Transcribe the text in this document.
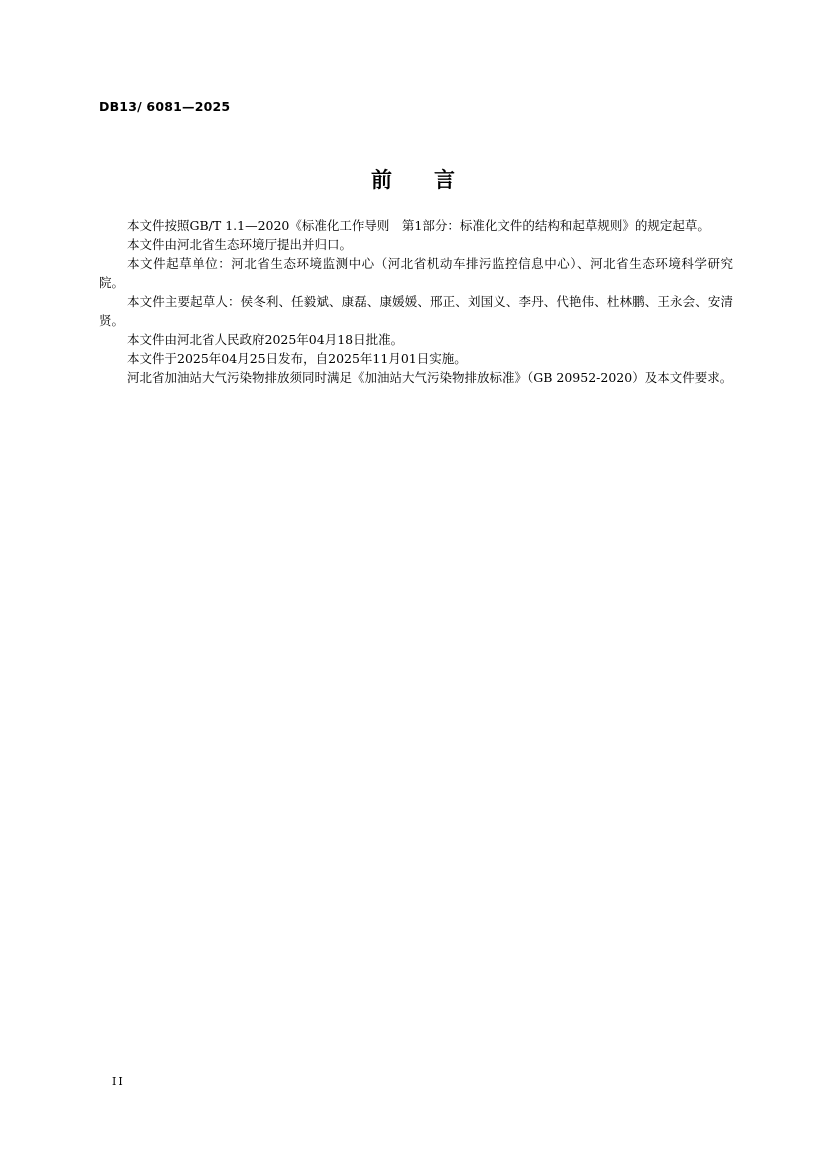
DB13/ 6081—2025
前 言

本文件按照GB/T 1.1—2020《标准化工作导则　第1部分：标准化文件的结构和起草规则》的规定起草。

本文件由河北省生态环境厅提出并归口。

本文件起草单位：河北省生态环境监测中心（河北省机动车排污监控信息中心）、河北省生态环境科学研究院。

本文件主要起草人：侯冬利、任毅斌、康磊、康媛媛、邢正、刘国义、李丹、代艳伟、杜林鹏、王永会、安清贤。

本文件由河北省人民政府2025年04月18日批准。

本文件于2025年04月25日发布，自2025年11月01日实施。

河北省加油站大气污染物排放须同时满足《加油站大气污染物排放标准》（GB 20952-2020）及本文件要求。

II
